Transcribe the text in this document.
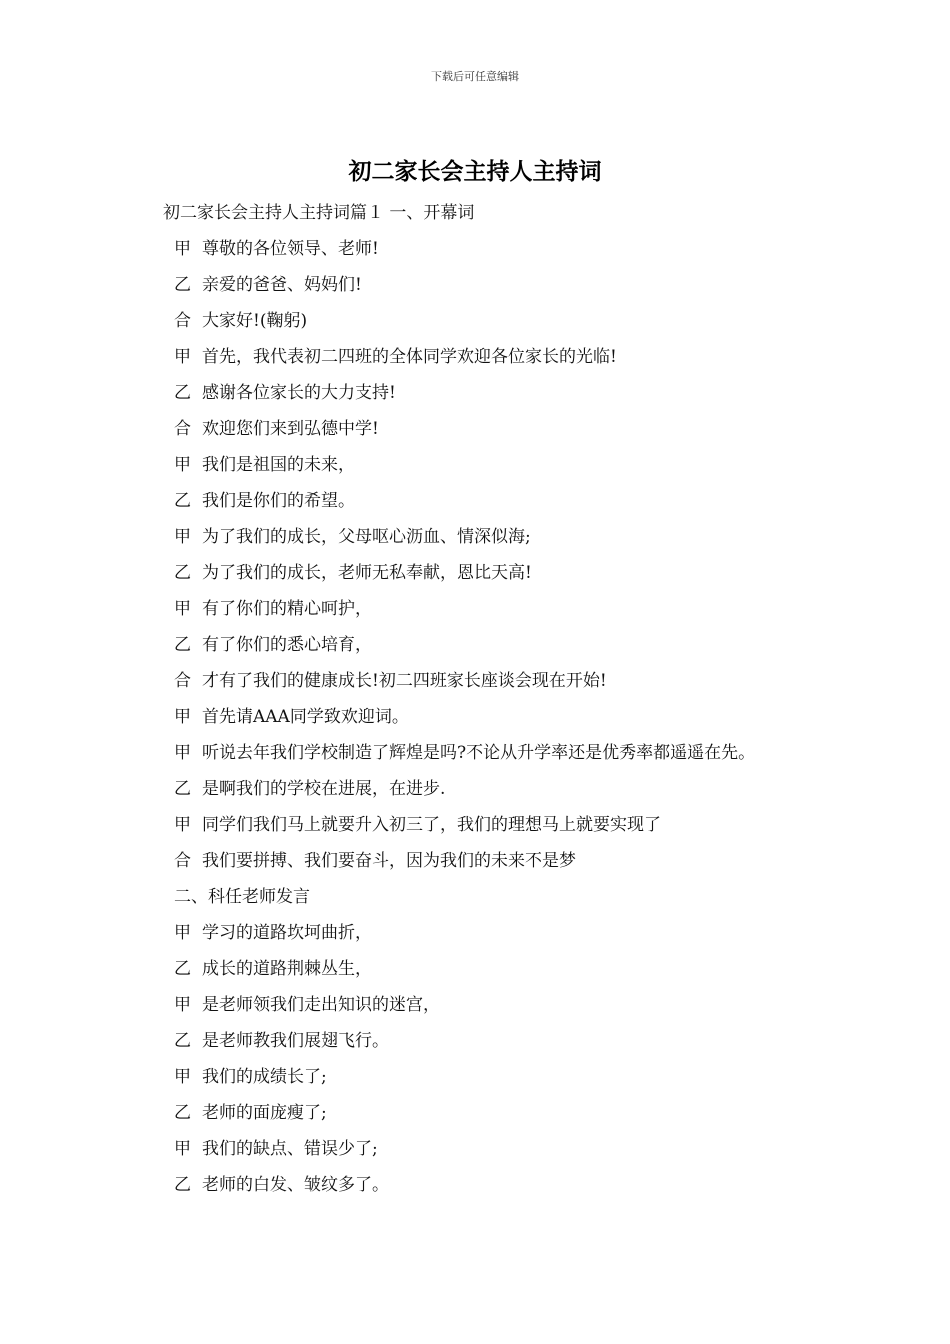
下载后可任意编辑
初二家长会主持人主持词
初二家长会主持人主持词篇１ 一、开幕词
甲 尊敬的各位领导、老师!
乙 亲爱的爸爸、妈妈们!
合 大家好!(鞠躬)
甲 首先，我代表初二四班的全体同学欢迎各位家长的光临!
乙 感谢各位家长的大力支持!
合 欢迎您们来到弘德中学!
甲 我们是祖国的未来，
乙 我们是你们的希望。
甲 为了我们的成长，父母呕心沥血、情深似海;
乙 为了我们的成长，老师无私奉献，恩比天高!
甲 有了你们的精心呵护，
乙 有了你们的悉心培育，
合 才有了我们的健康成长!初二四班家长座谈会现在开始!
甲 首先请AAA同学致欢迎词。
甲 听说去年我们学校制造了辉煌是吗?不论从升学率还是优秀率都遥遥在先。
乙 是啊我们的学校在进展，在进步.
甲 同学们我们马上就要升入初三了，我们的理想马上就要实现了
合 我们要拼搏、我们要奋斗，因为我们的未来不是梦
二、科任老师发言
甲 学习的道路坎坷曲折，
乙 成长的道路荆棘丛生，
甲 是老师领我们走出知识的迷宫，
乙 是老师教我们展翅飞行。
甲 我们的成绩长了;
乙 老师的面庞瘦了;
甲 我们的缺点、错误少了;
乙 老师的白发、皱纹多了。
